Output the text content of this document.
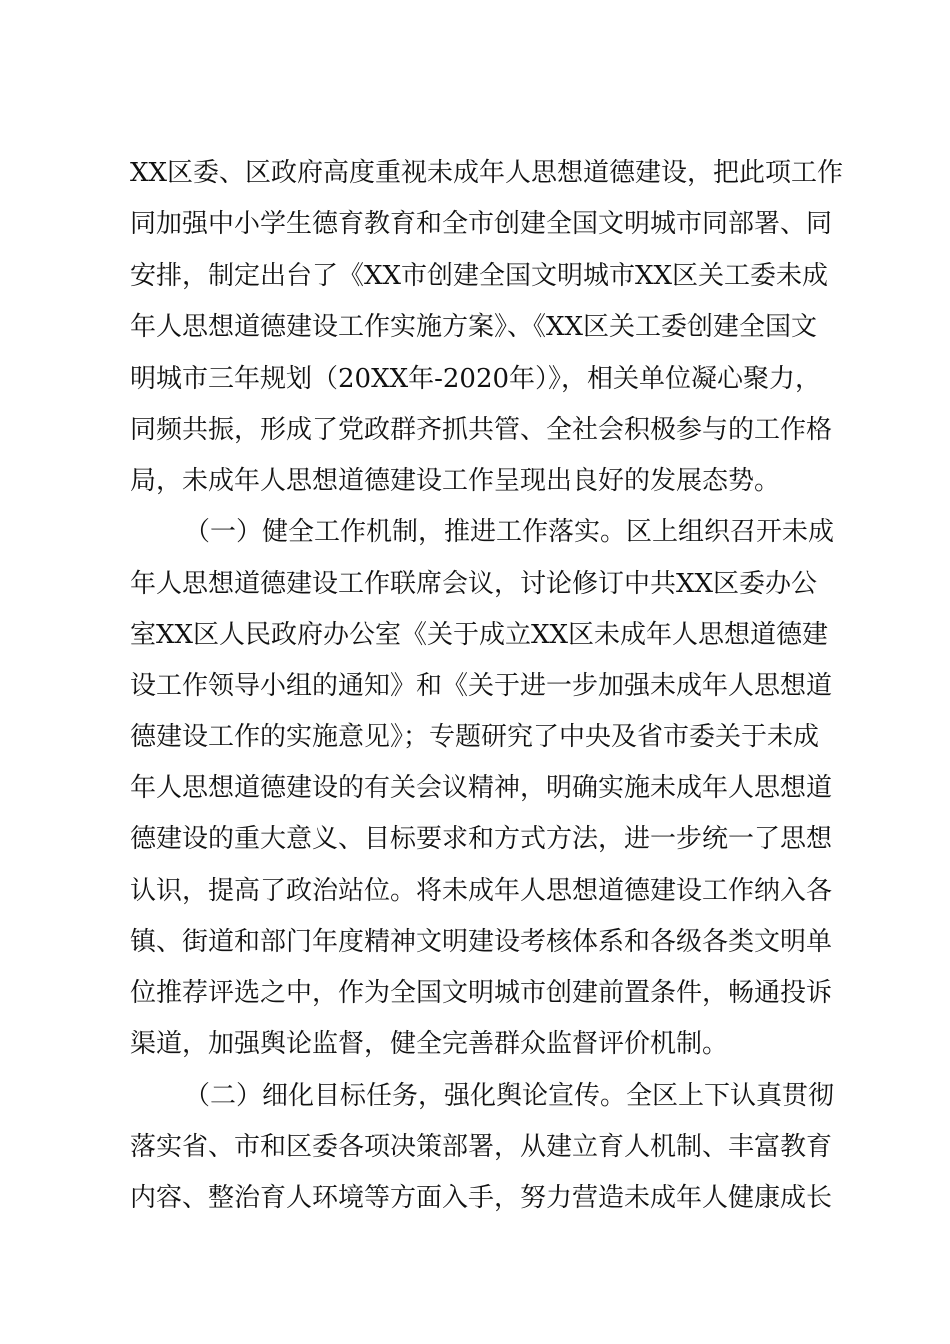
XX区委、区政府高度重视未成年人思想道德建设，把此项工作
同加强中小学生德育教育和全市创建全国文明城市同部署、同
安排，制定出台了《XX市创建全国文明城市XX区关工委未成
年人思想道德建设工作实施方案》、《XX区关工委创建全国文
明城市三年规划（20XX年-2020年）》，相关单位凝心聚力，
同频共振，形成了党政群齐抓共管、全社会积极参与的工作格
局，未成年人思想道德建设工作呈现出良好的发展态势。
（一）健全工作机制，推进工作落实。区上组织召开未成
年人思想道德建设工作联席会议，讨论修订中共XX区委办公
室XX区人民政府办公室《关于成立XX区未成年人思想道德建
设工作领导小组的通知》和《关于进一步加强未成年人思想道
德建设工作的实施意见》；专题研究了中央及省市委关于未成
年人思想道德建设的有关会议精神，明确实施未成年人思想道
德建设的重大意义、目标要求和方式方法，进一步统一了思想
认识，提高了政治站位。将未成年人思想道德建设工作纳入各
镇、街道和部门年度精神文明建设考核体系和各级各类文明单
位推荐评选之中，作为全国文明城市创建前置条件，畅通投诉
渠道，加强舆论监督，健全完善群众监督评价机制。
（二）细化目标任务，强化舆论宣传。全区上下认真贯彻
落实省、市和区委各项决策部署，从建立育人机制、丰富教育
内容、整治育人环境等方面入手，努力营造未成年人健康成长
